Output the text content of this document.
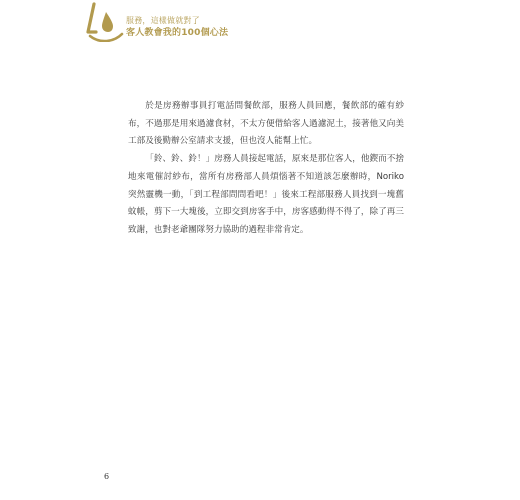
服務，這樣做就對了
客人教會我的100個心法

於是房務辦事員打電話問餐飲部，服務人員回應，餐飲部的確有紗布，不過那是用來過濾食材，不太方便借給客人過濾泥土，接著他又向美工部及後勤辦公室請求支援，但也沒人能幫上忙。

「鈴、鈴、鈴！」房務人員接起電話，原來是那位客人，他鍥而不捨地來電催討紗布，當所有房務部人員煩惱著不知道該怎麼辦時，Noriko突然靈機一動，「到工程部問問看吧！」後來工程部服務人員找到一塊舊蚊帳，剪下一大塊後，立即交到房客手中，房客感動得不得了，除了再三致謝，也對老爺團隊努力協助的過程非常肯定。

6
